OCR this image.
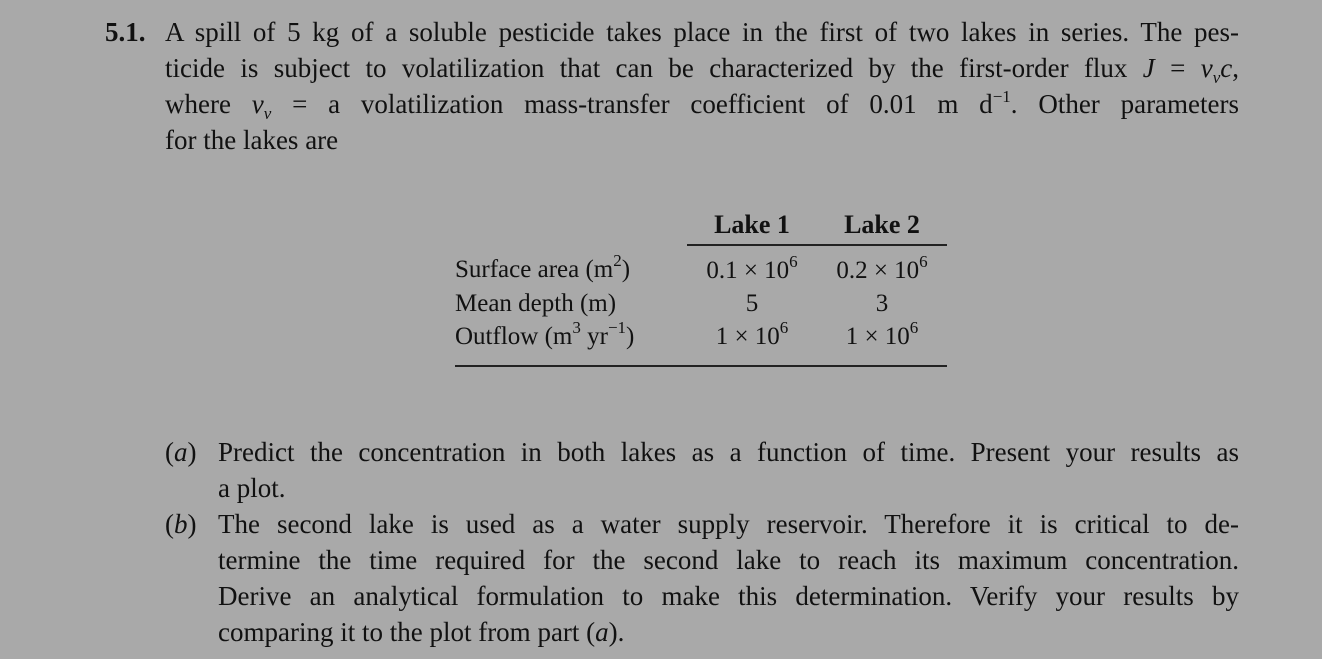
5.1. A spill of 5 kg of a soluble pesticide takes place in the first of two lakes in series. The pes-
ticide is subject to volatilization that can be characterized by the first-order flux $J = \nu_\nu c$,
where $\nu_\nu = a$ volatilization mass-transfer coefficient of 0.01 m $d^{-1}$. Other parameters
for the lakes are
	Lake 1	Lake 2
Surface area $(m^2)$	$0.1 \times 10^6$	$0.2 \times 10^6$
Mean depth (m)	5	3
Outflow ($m^3$ $yr^{-1}$)	$1 \times 10^6$	$1 \times 10^6$
(a) Predict the concentration in both lakes as a function of time. Present your results as
a plot.
(b) The second lake is used as a water supply reservoir. Therefore it is critical to de-
termine the time required for the second lake to reach its maximum concentration.
Derive an analytical formulation to make this determination. Verify your results by
comparing it to the plot from part (a).
